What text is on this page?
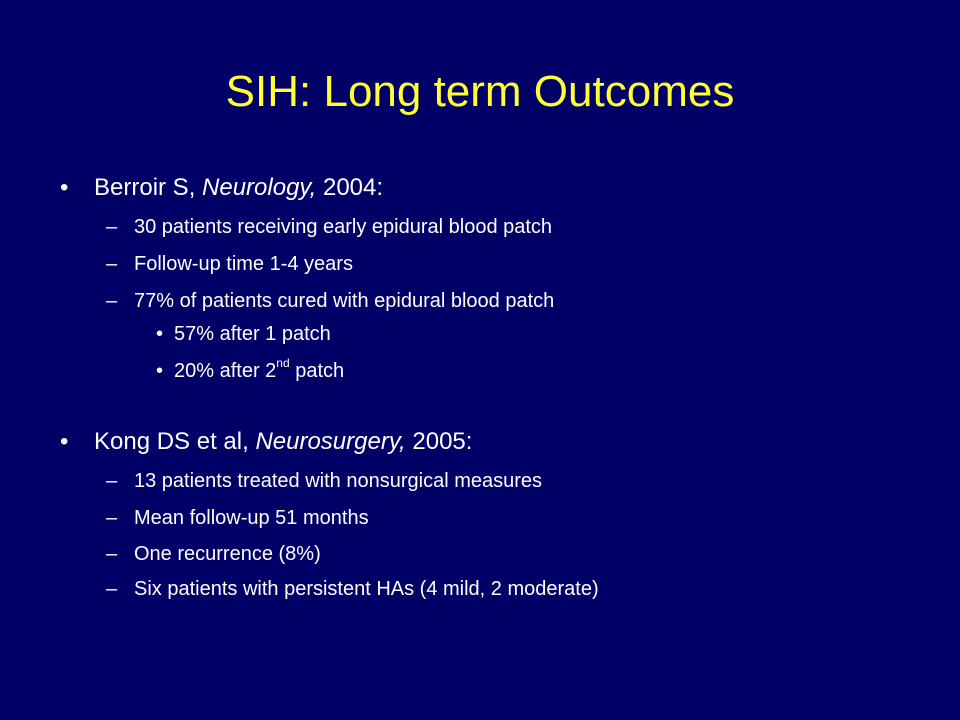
SIH: Long term Outcomes
• Berroir S, Neurology, 2004:
– 30 patients receiving early epidural blood patch
– Follow-up time 1-4 years
– 77% of patients cured with epidural blood patch
• 57% after 1 patch
• 20% after 2nd patch
• Kong DS et al, Neurosurgery, 2005:
– 13 patients treated with nonsurgical measures
– Mean follow-up 51 months
– One recurrence (8%)
– Six patients with persistent HAs (4 mild, 2 moderate)
